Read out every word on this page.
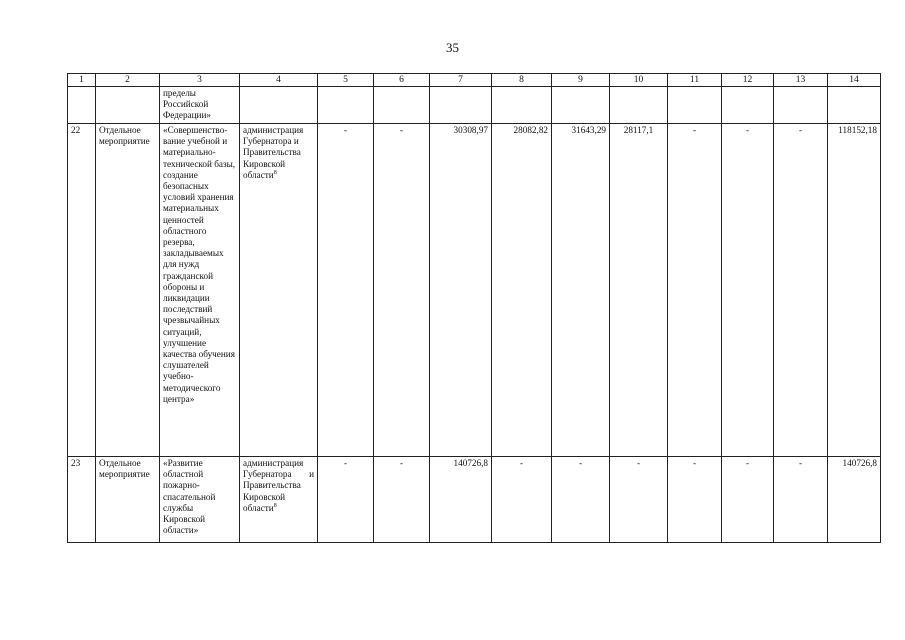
35
1	2	3	4	5	6	7	8	9	10	11	12	13	14
		пределы Российской Федерации»											
22	Отдельное мероприятие	«Совершенство-вание учебной и материально-технической базы, создание безопасных условий хранения материальных ценностей областного резерва, закладываемых для нужд гражданской обороны и ликвидации последствий чрезвычайных ситуаций, улучшение качества обучения слушателей учебно-методического центра»	администрация Губернатора и Правительства Кировской области$^8$	-	-	30308,97	28082,82	31643,29	28117,1	-	-	-	118152,18
23	Отдельное мероприятие	«Развитие областной пожарно-спасательной службы Кировской области»	администрация Губернатора и Правительства Кировской области$^8$	-	-	140726,8	-	-	-	-	-	-	140726,8
